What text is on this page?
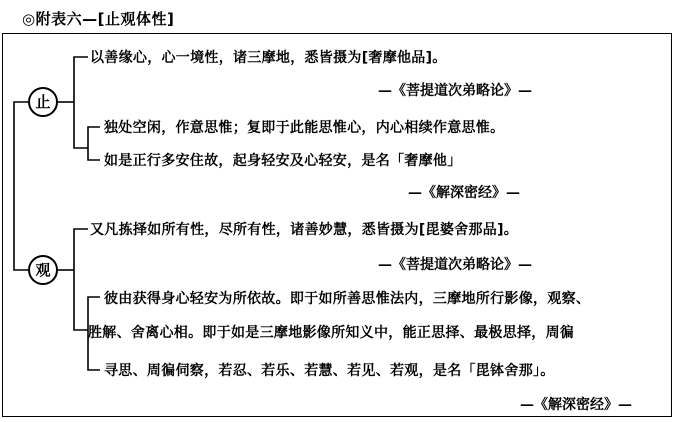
◎附表六—[止观体性]
止
观
以善缘心，心一境性，诸三摩地，悉皆摄为[奢摩他品]。
—《菩提道次弟略论》—
独处空闲，作意思惟；复即于此能思惟心，内心相续作意思惟。
如是正行多安住故，起身轻安及心轻安，是名「奢摩他」
—《解深密经》—
又凡拣择如所有性，尽所有性，诸善妙慧，悉皆摄为[毘婆舍那品]。
—《菩提道次弟略论》—
彼由获得身心轻安为所依故。即于如所善思惟法内，三摩地所行影像，观察、
胜解、舍离心相。即于如是三摩地影像所知义中，能正思择、最极思择，周徧
寻思、周徧伺察，若忍、若乐、若慧、若见、若观，是名「毘钵舍那」。
—《解深密经》—
